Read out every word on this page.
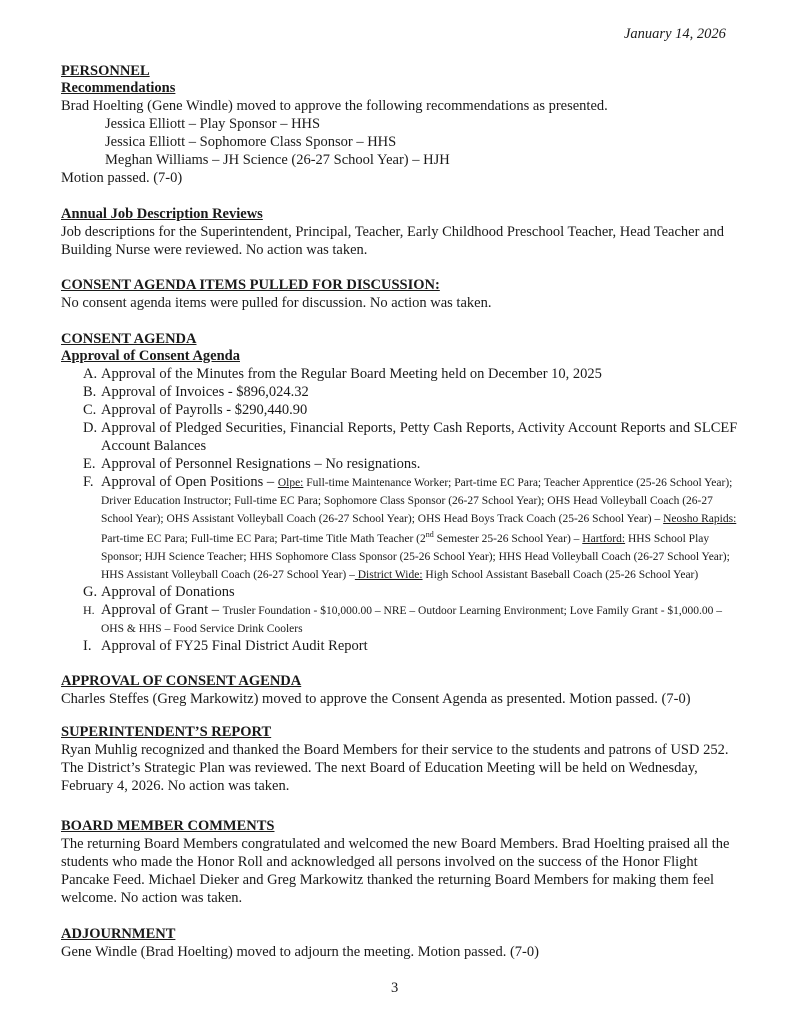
January 14, 2026
PERSONNEL
Recommendations

Brad Hoelting (Gene Windle) moved to approve the following recommendations as presented.

Jessica Elliott – Play Sponsor – HHS
Jessica Elliott – Sophomore Class Sponsor – HHS
Meghan Williams – JH Science (26-27 School Year) – HJH

Motion passed. (7-0)

Annual Job Description Reviews

Job descriptions for the Superintendent, Principal, Teacher, Early Childhood Preschool Teacher, Head Teacher and Building Nurse were reviewed. No action was taken.

CONSENT AGENDA ITEMS PULLED FOR DISCUSSION:

No consent agenda items were pulled for discussion. No action was taken.

CONSENT AGENDA
Approval of Consent Agenda
A. Approval of the Minutes from the Regular Board Meeting held on December 10, 2025
B. Approval of Invoices - $896,024.32
C. Approval of Payrolls - $290,440.90
D. Approval of Pledged Securities, Financial Reports, Petty Cash Reports, Activity Account Reports and SLCEF Account Balances
E. Approval of Personnel Resignations – No resignations.
F. Approval of Open Positions – Olpe: Full-time Maintenance Worker; Part-time EC Para; Teacher Apprentice (25-26 School Year); Driver Education Instructor; Full-time EC Para; Sophomore Class Sponsor (26-27 School Year); OHS Head Volleyball Coach (26-27 School Year); OHS Assistant Volleyball Coach (26-27 School Year); OHS Head Boys Track Coach (25-26 School Year) – Neosho Rapids: Part-time EC Para; Full-time EC Para; Part-time Title Math Teacher (2nd Semester 25-26 School Year) – Hartford: HHS School Play Sponsor; HJH Science Teacher; HHS Sophomore Class Sponsor (25-26 School Year); HHS Head Volleyball Coach (26-27 School Year); HHS Assistant Volleyball Coach (26-27 School Year) – District Wide: High School Assistant Baseball Coach (25-26 School Year)
G. Approval of Donations
H. Approval of Grant – Trusler Foundation - $10,000.00 – NRE – Outdoor Learning Environment; Love Family Grant - $1,000.00 – OHS & HHS – Food Service Drink Coolers
I. Approval of FY25 Final District Audit Report
APPROVAL OF CONSENT AGENDA

Charles Steffes (Greg Markowitz) moved to approve the Consent Agenda as presented. Motion passed. (7-0)

SUPERINTENDENT’S REPORT

Ryan Muhlig recognized and thanked the Board Members for their service to the students and patrons of USD 252. The District’s Strategic Plan was reviewed. The next Board of Education Meeting will be held on Wednesday, February 4, 2026. No action was taken.

BOARD MEMBER COMMENTS

The returning Board Members congratulated and welcomed the new Board Members. Brad Hoelting praised all the students who made the Honor Roll and acknowledged all persons involved on the success of the Honor Flight Pancake Feed. Michael Dieker and Greg Markowitz thanked the returning Board Members for making them feel welcome. No action was taken.

ADJOURNMENT

Gene Windle (Brad Hoelting) moved to adjourn the meeting. Motion passed. (7-0)

3
